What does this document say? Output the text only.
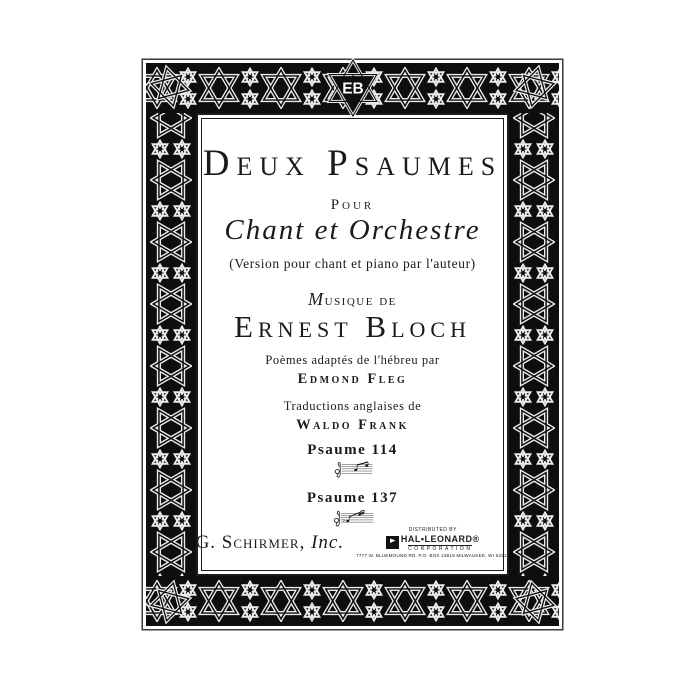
EB
Deux Psaumes
Pour
Chant et Orchestre
(Version pour chant et piano par l'auteur)
Musique de
Ernest Bloch
Poèmes adaptés de l'hébreu par
Edmond Fleg
Traductions anglaises de
Waldo Frank
Psaume 114
Psaume 137
♭
G. Schirmer, Inc.
DISTRIBUTED BY
HAL•LEONARD®
CORPORATION
7777 W. BLUEMOUND RD. P.O. BOX 13819 MILWAUKEE, WI 53213
